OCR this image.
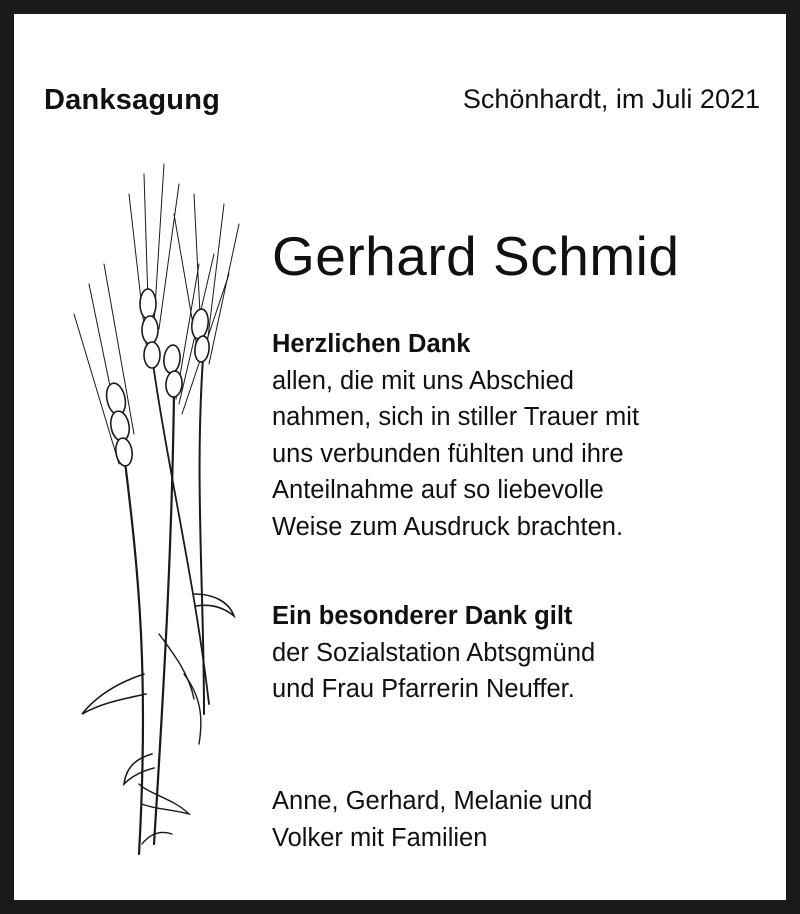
Danksagung	Schönhardt, im Juli 2021
Gerhard Schmid
Herzlichen Dank
allen, die mit uns Abschied
nahmen, sich in stiller Trauer mit
uns verbunden fühlten und ihre
Anteilnahme auf so liebevolle
Weise zum Ausdruck brachten.
Ein besonderer Dank gilt
der Sozialstation Abtsgmünd
und Frau Pfarrerin Neuffer.
Anne, Gerhard, Melanie und
Volker mit Familien
